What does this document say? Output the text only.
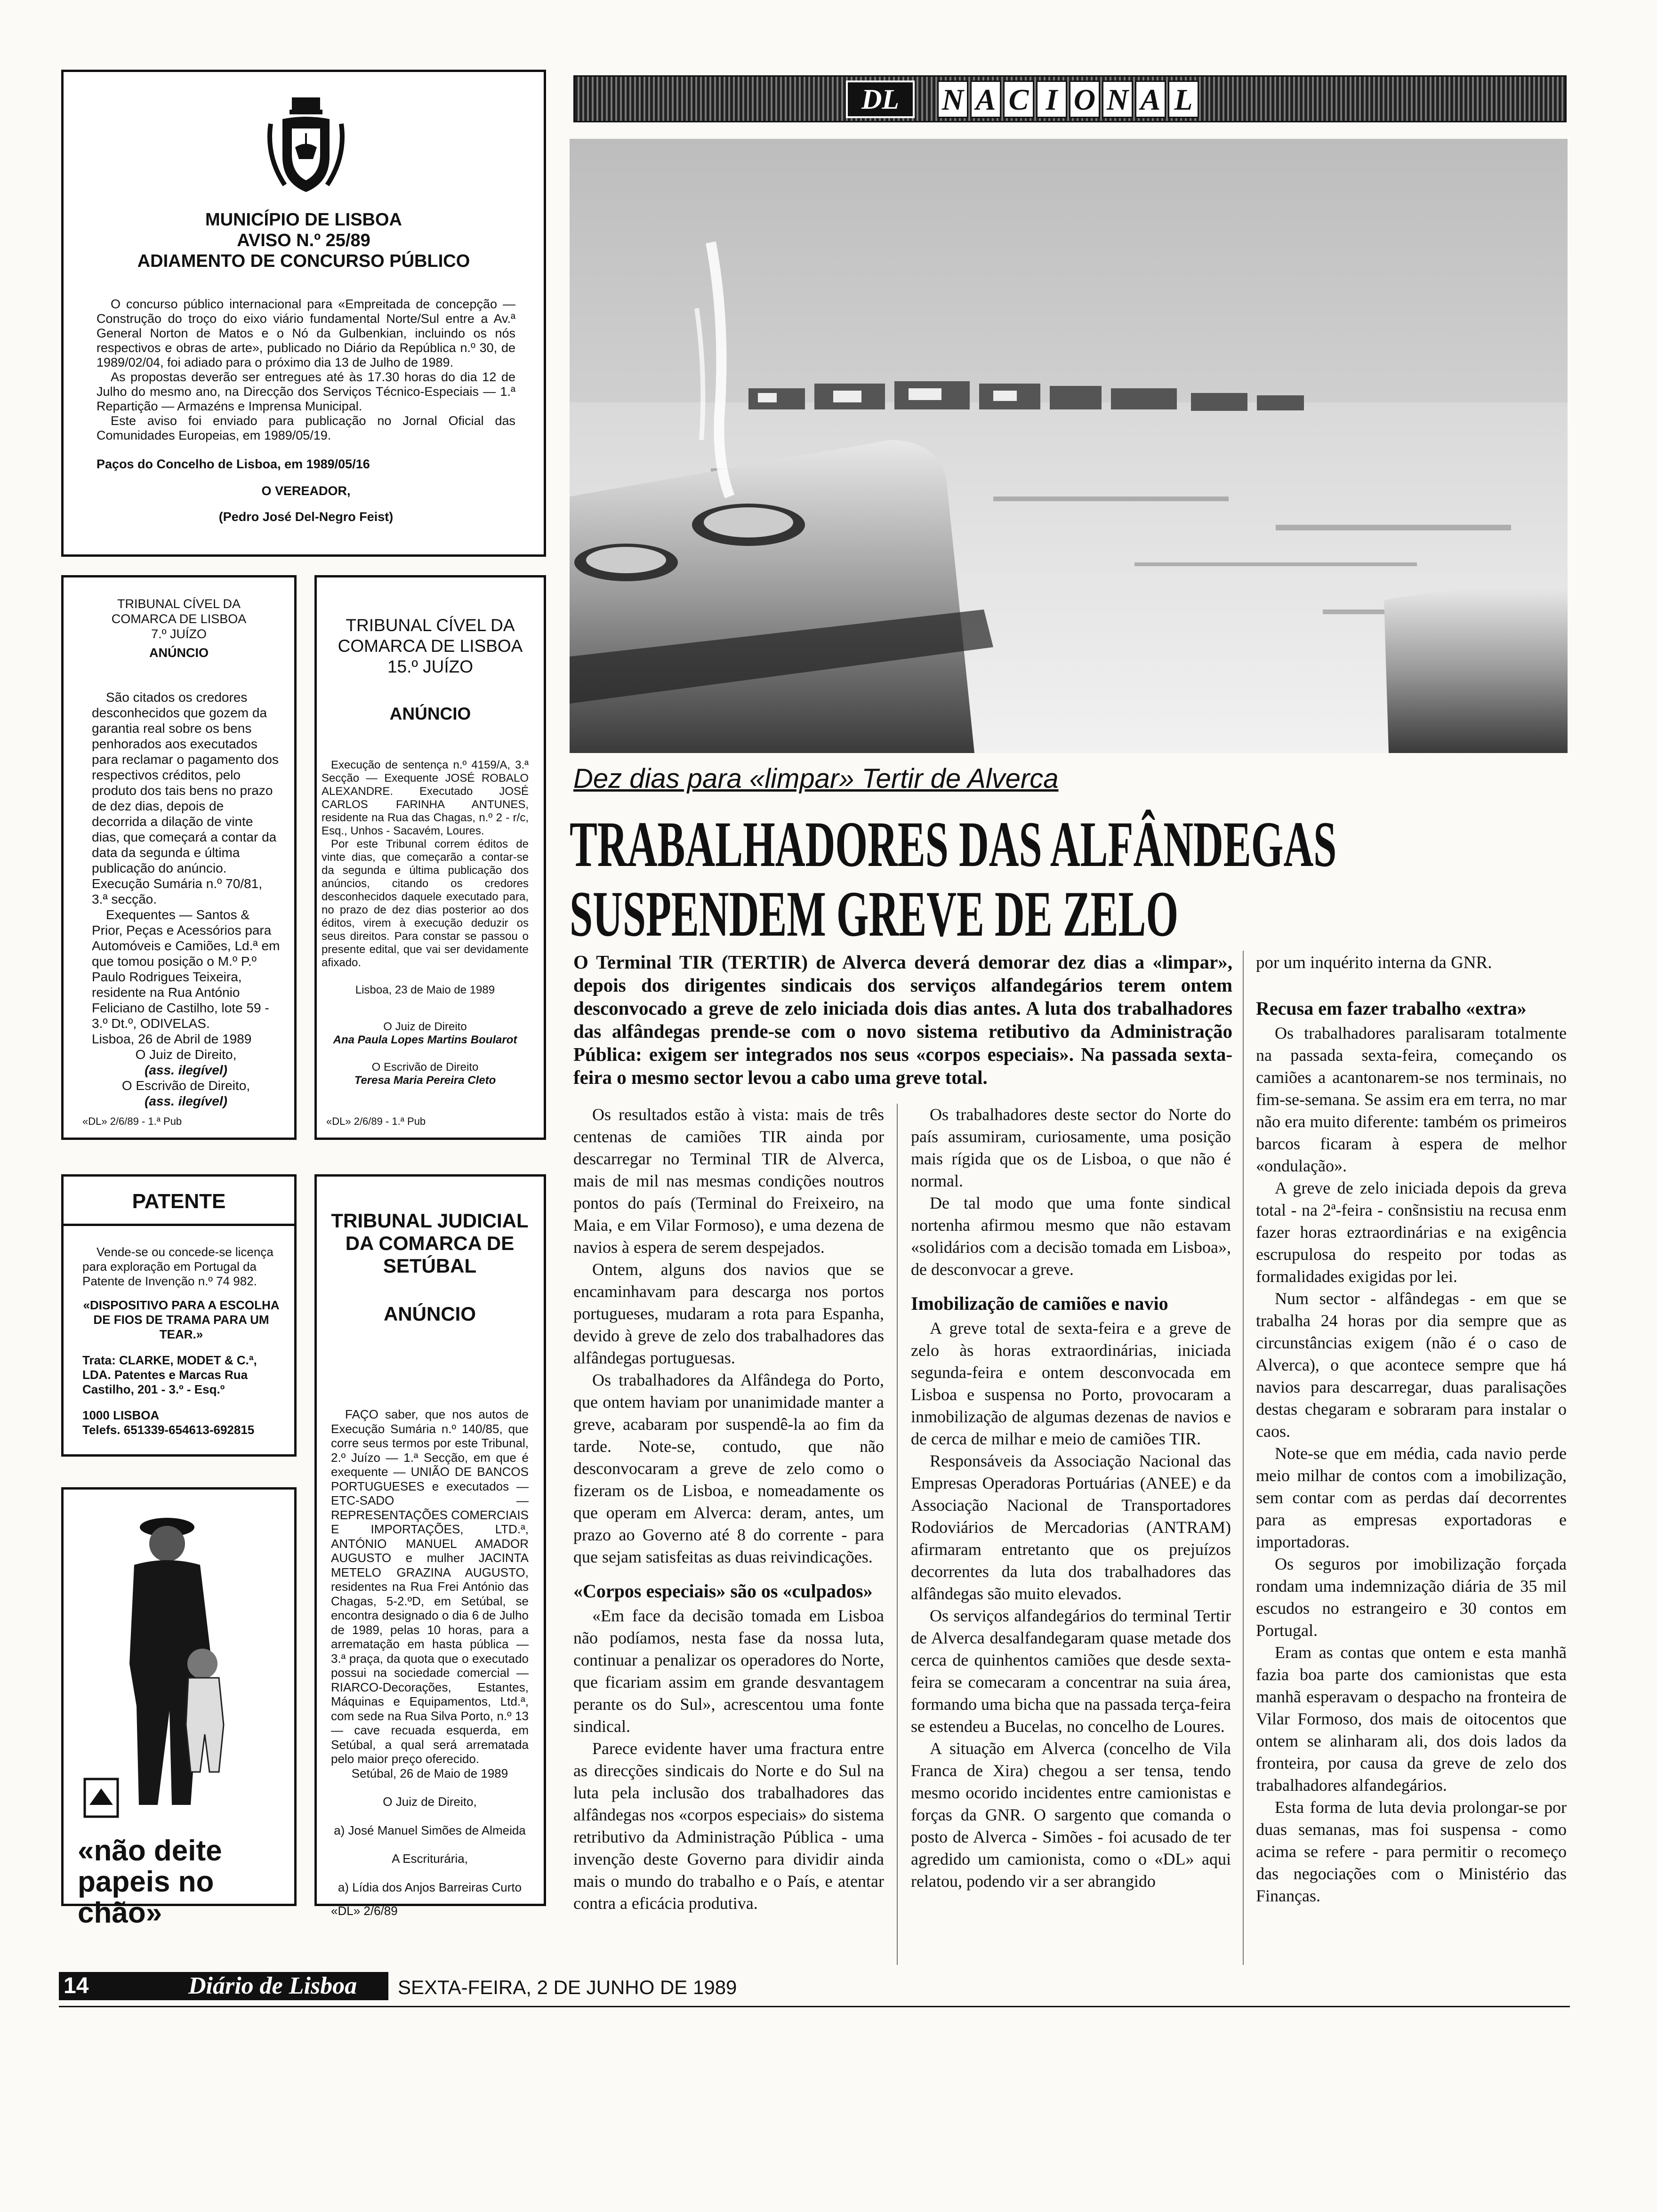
MUNICÍPIO DE LISBOA
AVISO N.º 25/89
ADIAMENTO DE CONCURSO PÚBLICO

O concurso público internacional para «Empreitada de concepção — Construção do troço do eixo viário fundamental Norte/Sul entre a Av.ª General Norton de Matos e o Nó da Gulbenkian, incluindo os nós respectivos e obras de arte», publicado no Diário da República n.º 30, de 1989/02/04, foi adiado para o próximo dia 13 de Julho de 1989.

As propostas deverão ser entregues até às 17.30 horas do dia 12 de Julho do mesmo ano, na Direcção dos Serviços Técnico-Especiais — 1.ª Repartição — Armazéns e Imprensa Municipal.

Este aviso foi enviado para publicação no Jornal Oficial das Comunidades Europeias, em 1989/05/19.

Paços do Concelho de Lisboa, em 1989/05/16

O VEREADOR,

(Pedro José Del-Negro Feist)

TRIBUNAL CÍVEL DA COMARCA DE LISBOA
7.º JUÍZO
ANÚNCIO

São citados os credores desconhecidos que gozem da garantia real sobre os bens penhorados aos executados para reclamar o pagamento dos respectivos créditos, pelo produto dos tais bens no prazo de dez dias, depois de decorrida a dilação de vinte dias, que começará a contar da data da segunda e última publicação do anúncio. Execução Sumária n.º 70/81, 3.ª secção.

Exequentes — Santos & Prior, Peças e Acessórios para Automóveis e Camiões, Ld.ª em que tomou posição o M.º P.º Paulo Rodrigues Teixeira, residente na Rua António Feliciano de Castilho, lote 59 - 3.º Dt.º, ODIVELAS.

Lisboa, 26 de Abril de 1989

O Juiz de Direito,

(ass. ilegível)

O Escrivão de Direito,

(ass. ilegível)

«DL» 2/6/89 - 1.ª Pub
TRIBUNAL CÍVEL DA COMARCA DE LISBOA
15.º JUÍZO
ANÚNCIO

Execução de sentença n.º 4159/A, 3.ª Secção — Exequente JOSÉ ROBALO ALEXANDRE. Executado JOSÉ CARLOS FARINHA ANTUNES, residente na Rua das Chagas, n.º 2 - r/c, Esq., Unhos - Sacavém, Loures.

Por este Tribunal correm éditos de vinte dias, que começarão a contar-se da segunda e última publicação dos anúncios, citando os credores desconhecidos daquele executado para, no prazo de dez dias posterior ao dos éditos, virem à execução deduzir os seus direitos. Para constar se passou o presente edital, que vai ser devidamente afixado.

Lisboa, 23 de Maio de 1989

O Juiz de Direito

Ana Paula Lopes Martins Boularot

O Escrivão de Direito

Teresa Maria Pereira Cleto

«DL» 2/6/89 - 1.ª Pub
PATENTE

Vende-se ou concede-se licença para exploração em Portugal da Patente de Invenção n.º 74 982.

«DISPOSITIVO PARA A ESCOLHA DE FIOS DE TRAMA PARA UM TEAR.»

Trata: CLARKE, MODET & C.ª, LDA. Patentes e Marcas Rua Castilho, 201 - 3.º - Esq.º

1000 LISBOA

Telefs. 651339-654613-692815

«não deite papeis no chão»
TRIBUNAL JUDICIAL DA COMARCA DE SETÚBAL
ANÚNCIO

FAÇO saber, que nos autos de Execução Sumária n.º 140/85, que corre seus termos por este Tribunal, 2.º Juízo — 1.ª Secção, em que é exequente — UNIÃO DE BANCOS PORTUGUESES e executados — ETC-SADO — REPRESENTAÇÕES COMERCIAIS E IMPORTAÇÕES, LTD.ª, ANTÓNIO MANUEL AMADOR AUGUSTO e mulher JACINTA METELO GRAZINA AUGUSTO, residentes na Rua Frei António das Chagas, 5-2.ºD, em Setúbal, se encontra designado o dia 6 de Julho de 1989, pelas 10 horas, para a arrematação em hasta pública — 3.ª praça, da quota que o executado possui na sociedade comercial — RIARCO-Decorações, Estantes, Máquinas e Equipamentos, Ltd.ª, com sede na Rua Silva Porto, n.º 13 — cave recuada esquerda, em Setúbal, a qual será arrematada pelo maior preço oferecido.

Setúbal, 26 de Maio de 1989

O Juiz de Direito,

a) José Manuel Simões de Almeida

A Escriturária,

a) Lídia dos Anjos Barreiras Curto

«DL» 2/6/89

DL	N A C I O N A L
Dez dias para «limpar» Tertir de Alverca
TRABALHADORES DAS ALFÂNDEGAS
SUSPENDEM GREVE DE ZELO
O Terminal TIR (TERTIR) de Alverca deverá demorar dez dias a «limpar», depois dos dirigentes sindicais dos serviços alfandegários terem ontem desconvocado a greve de zelo iniciada dois dias antes. A luta dos trabalhadores das alfândegas prende-se com o novo sistema retibutivo da Administração Pública: exigem ser integrados nos seus «corpos especiais». Na passada sexta-feira o mesmo sector levou a cabo uma greve total.
por um inquérito interna da GNR.

Os resultados estão à vista: mais de três centenas de camiões TIR ainda por descarregar no Terminal TIR de Alverca, mais de mil nas mesmas condições noutros pontos do país (Terminal do Freixeiro, na Maia, e em Vilar Formoso), e uma dezena de navios à espera de serem despejados.

Ontem, alguns dos navios que se encaminhavam para descarga nos portos portugueses, mudaram a rota para Espanha, devido à greve de zelo dos trabalhadores das alfândegas portuguesas.

Os trabalhadores da Alfândega do Porto, que ontem haviam por unanimidade manter a greve, acabaram por suspendê-la ao fim da tarde. Note-se, contudo, que não desconvocaram a greve de zelo como o fizeram os de Lisboa, e nomeadamente os que operam em Alverca: deram, antes, um prazo ao Governo até 8 do corrente - para que sejam satisfeitas as duas reivindicações.

«Corpos especiais» são os «culpados»

«Em face da decisão tomada em Lisboa não podíamos, nesta fase da nossa luta, continuar a penalizar os operadores do Norte, que ficariam assim em grande desvantagem perante os do Sul», acrescentou uma fonte sindical.

Parece evidente haver uma fractura entre as direcções sindicais do Norte e do Sul na luta pela inclusão dos trabalhadores das alfândegas nos «corpos especiais» do sistema retributivo da Administração Pública - uma invenção deste Governo para dividir ainda mais o mundo do trabalho e o País, e atentar contra a eficácia produtiva.

Os trabalhadores deste sector do Norte do país assumiram, curiosamente, uma posição mais rígida que os de Lisboa, o que não é normal.

De tal modo que uma fonte sindical nortenha afirmou mesmo que não estavam «solidários com a decisão tomada em Lisboa», de desconvocar a greve.

Imobilização de camiões e navio

A greve total de sexta-feira e a greve de zelo às horas extraordinárias, iniciada segunda-feira e ontem desconvocada em Lisboa e suspensa no Porto, provocaram a inmobilização de algumas dezenas de navios e de cerca de milhar e meio de camiões TIR.

Responsáveis da Associação Nacional das Empresas Operadoras Portuárias (ANEE) e da Associação Nacional de Transportadores Rodoviários de Mercadorias (ANTRAM) afirmaram entretanto que os prejuízos decorrentes da luta dos trabalhadores das alfândegas são muito elevados.

Os serviços alfandegários do terminal Tertir de Alverca desalfandegaram quase metade dos cerca de quinhentos camiões que desde sexta-feira se comecaram a concentrar na suia área, formando uma bicha que na passada terça-feira se estendeu a Bucelas, no concelho de Loures.

A situação em Alverca (concelho de Vila Franca de Xira) chegou a ser tensa, tendo mesmo ocorido incidentes entre camionistas e forças da GNR. O sargento que comanda o posto de Alverca - Simões - foi acusado de ter agredido um camionista, como o «DL» aqui relatou, podendo vir a ser abrangido

Recusa em fazer trabalho «extra»

Os trabalhadores paralisaram totalmente na passada sexta-feira, começando os camiões a acantonarem-se nos terminais, no fim-se-semana. Se assim era em terra, no mar não era muito diferente: também os primeiros barcos ficaram à espera de melhor «ondulação».

A greve de zelo iniciada depois da greva total - na 2ª-feira - cons̃nsistiu na recusa enm fazer horas eztraordinárias e na exigência escrupulosa do respeito por todas as formalidades exigidas por lei.

Num sector - alfândegas - em que se trabalha 24 horas por dia sempre que as circunstâncias exigem (não é o caso de Alverca), o que acontece sempre que há navios para descarregar, duas paralisações destas chegaram e sobraram para instalar o caos.

Note-se que em média, cada navio perde meio milhar de contos com a imobilização, sem contar com as perdas daí decorrentes para as empresas exportadoras e importadoras.

Os seguros por imobilização forçada rondam uma indemnização diária de 35 mil escudos no estrangeiro e 30 contos em Portugal.

Eram as contas que ontem e esta manhã fazia boa parte dos camionistas que esta manhã esperavam o despacho na fronteira de Vilar Formoso, dos mais de oitocentos que ontem se alinharam ali, dos dois lados da fronteira, por causa da greve de zelo dos trabalhadores alfandegários.

Esta forma de luta devia prolongar-se por duas semanas, mas foi suspensa - como acima se refere - para permitir o recomeço das negociações com o Ministério das Finanças.

14	Diário de Lisboa SEXTA-FEIRA, 2 DE JUNHO DE 1989
